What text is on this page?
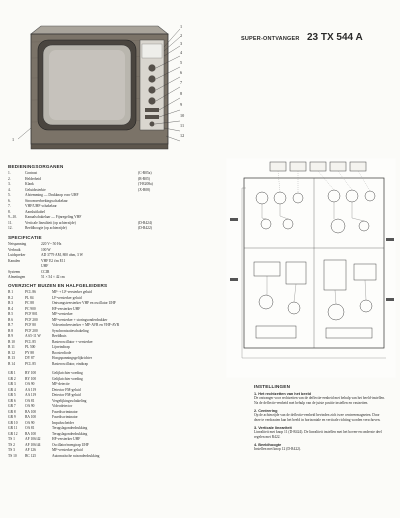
SUPER-ONTVANGER 23 TX 544 A
1
2
3
4
5
6
7
8
9
10
11
12
1
BEDIENINGSORGANEN
1.	Contrast	(C-R05a)
2.	Helderheid	(R-R05)
3.	Klank	(T-R208a)
4.	Geluidssterkte	(X-R08)
5.	Afstemming — Drukknop voor UHF
6.	Stroomverbrekingsschakelaar
7.	VHF/UHF-schakelaar
8.	Aansluitkabel
9.–10.	Kanaalschakelaar — Fijnregeling VHF
11.	Verticale linealiteit (op achterzijde)	(D-R424)
12.	Beeldhoogte (op achterzijde)	(D-R422)
SPECIFICATIE
Netspanning	220 V~ 50 Hz
Verbruik	100 W
Luidspreker	AD 3779 AM, 800 ohm, 3 W
Kanalen	VHF E2 t/m E11
UHF
Systeem	CCIR
Afmetingen	51 × 54 × 42 cm
OVERZICHT BUIZEN EN HALFGELEIDERS
B 1	PCL 86	MF- + LF-versterker geluid
B 2	PL 84	LF-versterker geluid
B 3	PC 88	Ontvangstversterker VHF en oscillator UHF
B 4	PC 900	HF-versterker UHF
B 5	PCF 801	MF-versterker
B 6	PCF 200	MF-versterker + storingsonderdrukker
B 7	PCF 80	Videoeindversterker + MF-AVR en VHF-AVR
B 8	PCF 200	Synchronisatieschakeling
B 9	A 65-11 W	Beeldbuis
B 10	PCL 85	Rasteroscillator + versterker
B 11	PL 500	Lijneindtrap
B 12	PY 88	Boosterdiode
B 13	DY 87	Hoogspanningsgelijkrichter
B 14	PCL 85	Rasteroscillator, eindtrap
GR 1	BY 100	Gelijkrichter voeding
GR 2	BY 100	Gelijkrichter voeding
GR 3	OA 90	MF-detectie
GR 4	AA 119	Detector FM-geluid
GR 5	AA 119	Detector FM-geluid
GR 6	OA 81	Vergelijkingsschakeling
GR 7	OA 90	Videodetector
GR 8	BA 100	Fasediscriminator
GR 9	BA 100	Fasediscriminator
GR 10	OA 90	Impulsscheider
GR 11	OA 81	Terugslagonderdrukking
GR 12	BA 100	Terugslagonderdrukking
TS 1	AF 106/42	HF-versterker UHF
TS 2	AF 106/44	Oscillator/mengtrap UHF
TS 3	AF 126	MF-versterker geluid
TS 10	BC 125	Automatische ruisonderdrukking
INSTELLINGEN
1. Het rechtzetten van het beeld
De ontvanger voor rechtzetten van de deflectie-eenheid met behulp van het beeld-instellen. Na de deflectie-eenheid met behulp van de juiste positie instellen en vastzetten.
2. Centrering
Op de achterzijde van de deflectie-eenheid bevinden zich twee centreermagneten. Door deze te verdraaien kan het beeld in horizontale en verticale richting worden verschoven.
3. Verticale lineariteit
Linealiteit met knop 11 (D-R424). De linealiteit instellen met het boven-en onderste deel regelen met R422.
4. Beeldhoogte
Instellen met knop 12 (D-R422).
